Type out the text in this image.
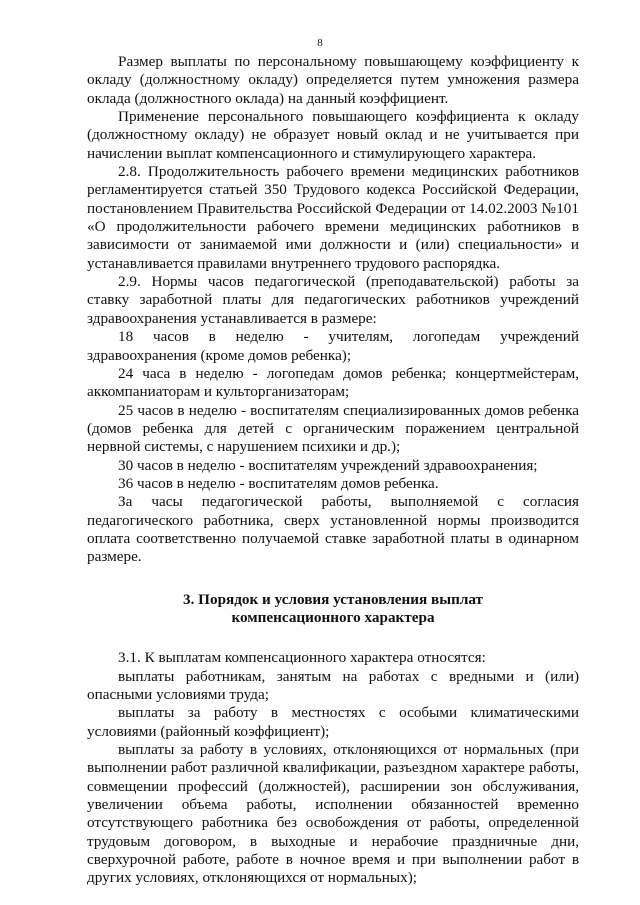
8

Размер выплаты по персональному повышающему коэффициенту к окладу (должностному окладу) определяется путем умножения размера оклада (должностного оклада) на данный коэффициент.

Применение персонального повышающего коэффициента к окладу (должностному окладу) не образует новый оклад и не учитывается при начислении выплат компенсационного и стимулирующего характера.

2.8. Продолжительность рабочего времени медицинских работников регламентируется статьей 350 Трудового кодекса Российской Федерации, постановлением Правительства Российской Федерации от 14.02.2003 №101 «О продолжительности рабочего времени медицинских работников в зависимости от занимаемой ими должности и (или) специальности» и устанавливается правилами внутреннего трудового распорядка.

2.9. Нормы часов педагогической (преподавательской) работы за ставку заработной платы для педагогических работников учреждений здравоохранения устанавливается в размере:

18 часов в неделю - учителям, логопедам учреждений здравоохранения (кроме домов ребенка);

24 часа в неделю - логопедам домов ребенка; концертмейстерам, аккомпаниаторам и культорганизаторам;

25 часов в неделю - воспитателям специализированных домов ребенка (домов ребенка для детей с органическим поражением центральной нервной системы, с нарушением психики и др.);

30 часов в неделю - воспитателям учреждений здравоохранения;

36 часов в неделю - воспитателям домов ребенка.

За часы педагогической работы, выполняемой с согласия педагогического работника, сверх установленной нормы производится оплата соответственно получаемой ставке заработной платы в одинарном размере.

3. Порядок и условия установления выплат
компенсационного характера

3.1. К выплатам компенсационного характера относятся:

выплаты работникам, занятым на работах с вредными и (или) опасными условиями труда;

выплаты за работу в местностях с особыми климатическими условиями (районный коэффициент);

выплаты за работу в условиях, отклоняющихся от нормальных (при выполнении работ различной квалификации, разъездном характере работы, совмещении профессий (должностей), расширении зон обслуживания, увеличении объема работы, исполнении обязанностей временно отсутствующего работника без освобождения от работы, определенной трудовым договором, в выходные и нерабочие праздничные дни, сверхурочной работе, работе в ночное время и при выполнении работ в других условиях, отклоняющихся от нормальных);
